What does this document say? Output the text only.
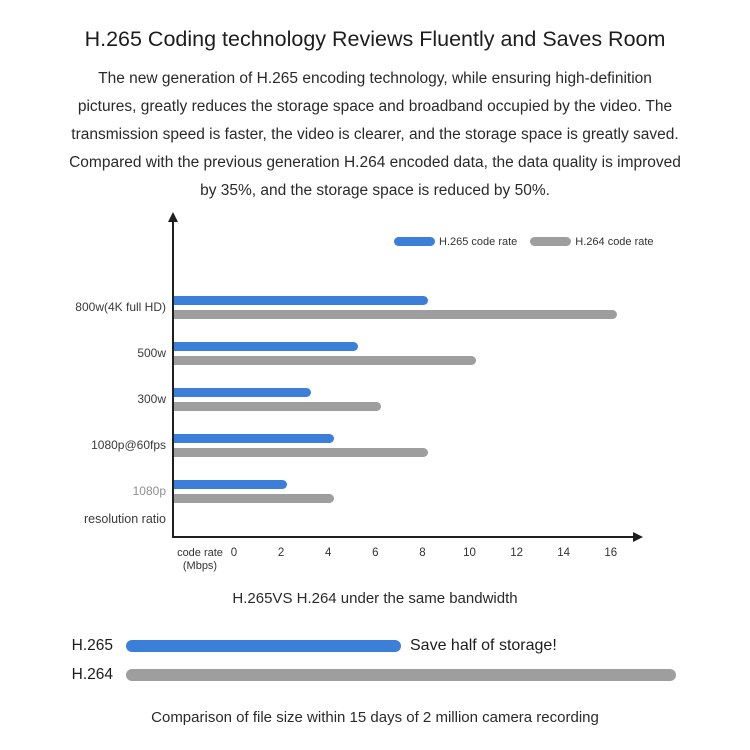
H.265 Coding technology Reviews Fluently and Saves Room
The new generation of H.265 encoding technology, while ensuring high-definition
pictures, greatly reduces the storage space and broadband occupied by the video. The
transmission speed is faster, the video is clearer, and the storage space is greatly saved.
Compared with the previous generation H.264 encoded data, the data quality is improved
by 35%, and the storage space is reduced by 50%.
H.265 code rate	H.264 code rate
800w(4K full HD)
500w
300w
1080p@60fps
1080p
0	2	4	6	8	10	12	14	16
resolution ratio
code rate
(Mbps)
H.265VS H.264 under the same bandwidth
H.265	Save half of storage!
H.264
Comparison of file size within 15 days of 2 million camera recording
